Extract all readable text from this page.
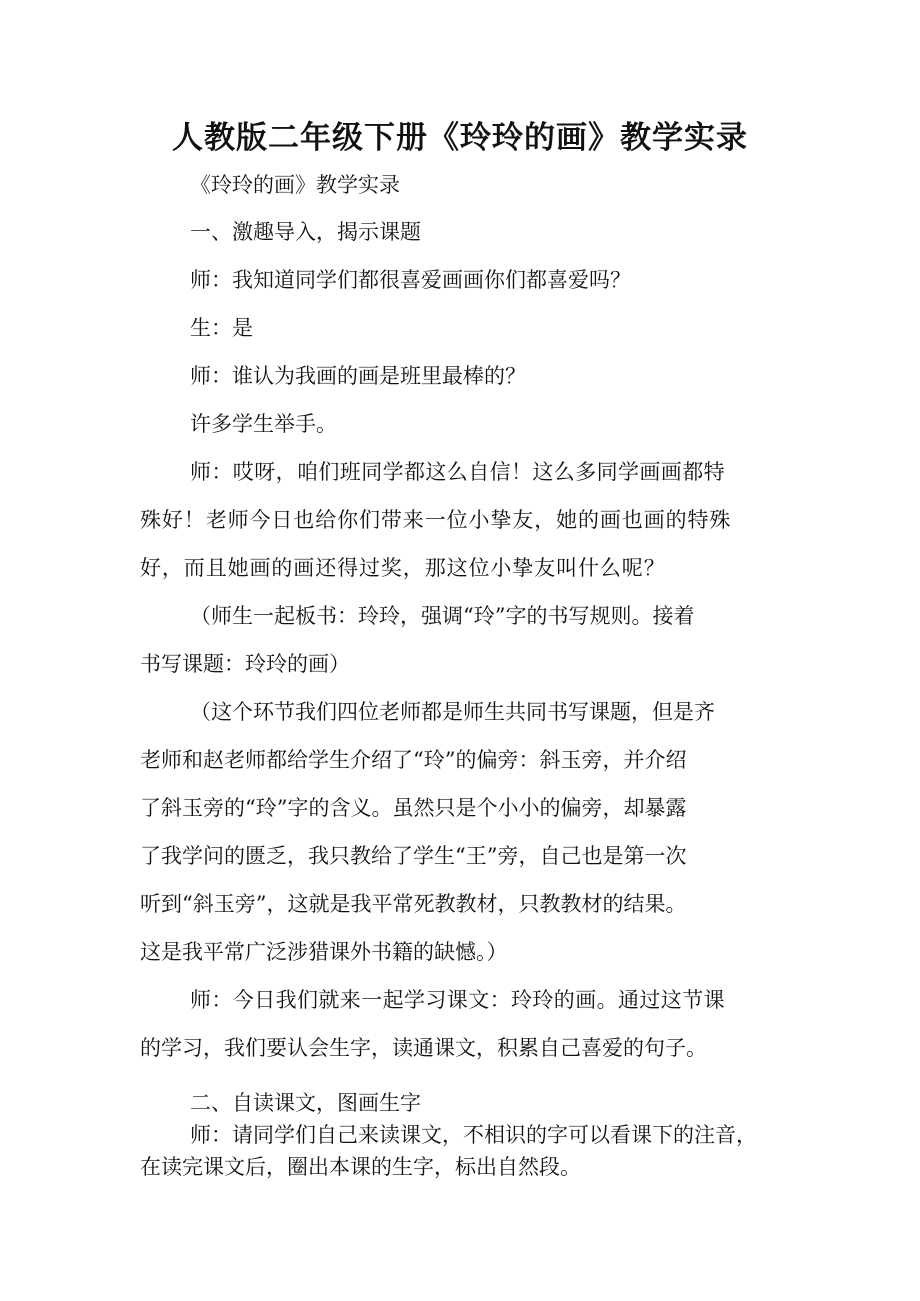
人教版二年级下册《玲玲的画》教学实录
《玲玲的画》教学实录
一、激趣导入，揭示课题
师：我知道同学们都很喜爱画画你们都喜爱吗？
生：是
师：谁认为我画的画是班里最棒的？
许多学生举手。
师：哎呀，咱们班同学都这么自信！这么多同学画画都特
殊好！老师今日也给你们带来一位小挚友，她的画也画的特殊
好，而且她画的画还得过奖，那这位小挚友叫什么呢？
（师生一起板书：玲玲，强调“玲”字的书写规则。接着
书写课题：玲玲的画）
（这个环节我们四位老师都是师生共同书写课题，但是齐
老师和赵老师都给学生介绍了“玲”的偏旁：斜玉旁，并介绍
了斜玉旁的“玲”字的含义。虽然只是个小小的偏旁，却暴露
了我学问的匮乏，我只教给了学生“王”旁，自己也是第一次
听到“斜玉旁”，这就是我平常死教教材，只教教材的结果。
这是我平常广泛涉猎课外书籍的缺憾。）
师：今日我们就来一起学习课文：玲玲的画。通过这节课
的学习，我们要认会生字，读通课文，积累自己喜爱的句子。
二、自读课文，图画生字
师：请同学们自己来读课文，不相识的字可以看课下的注音，
在读完课文后，圈出本课的生字，标出自然段。
